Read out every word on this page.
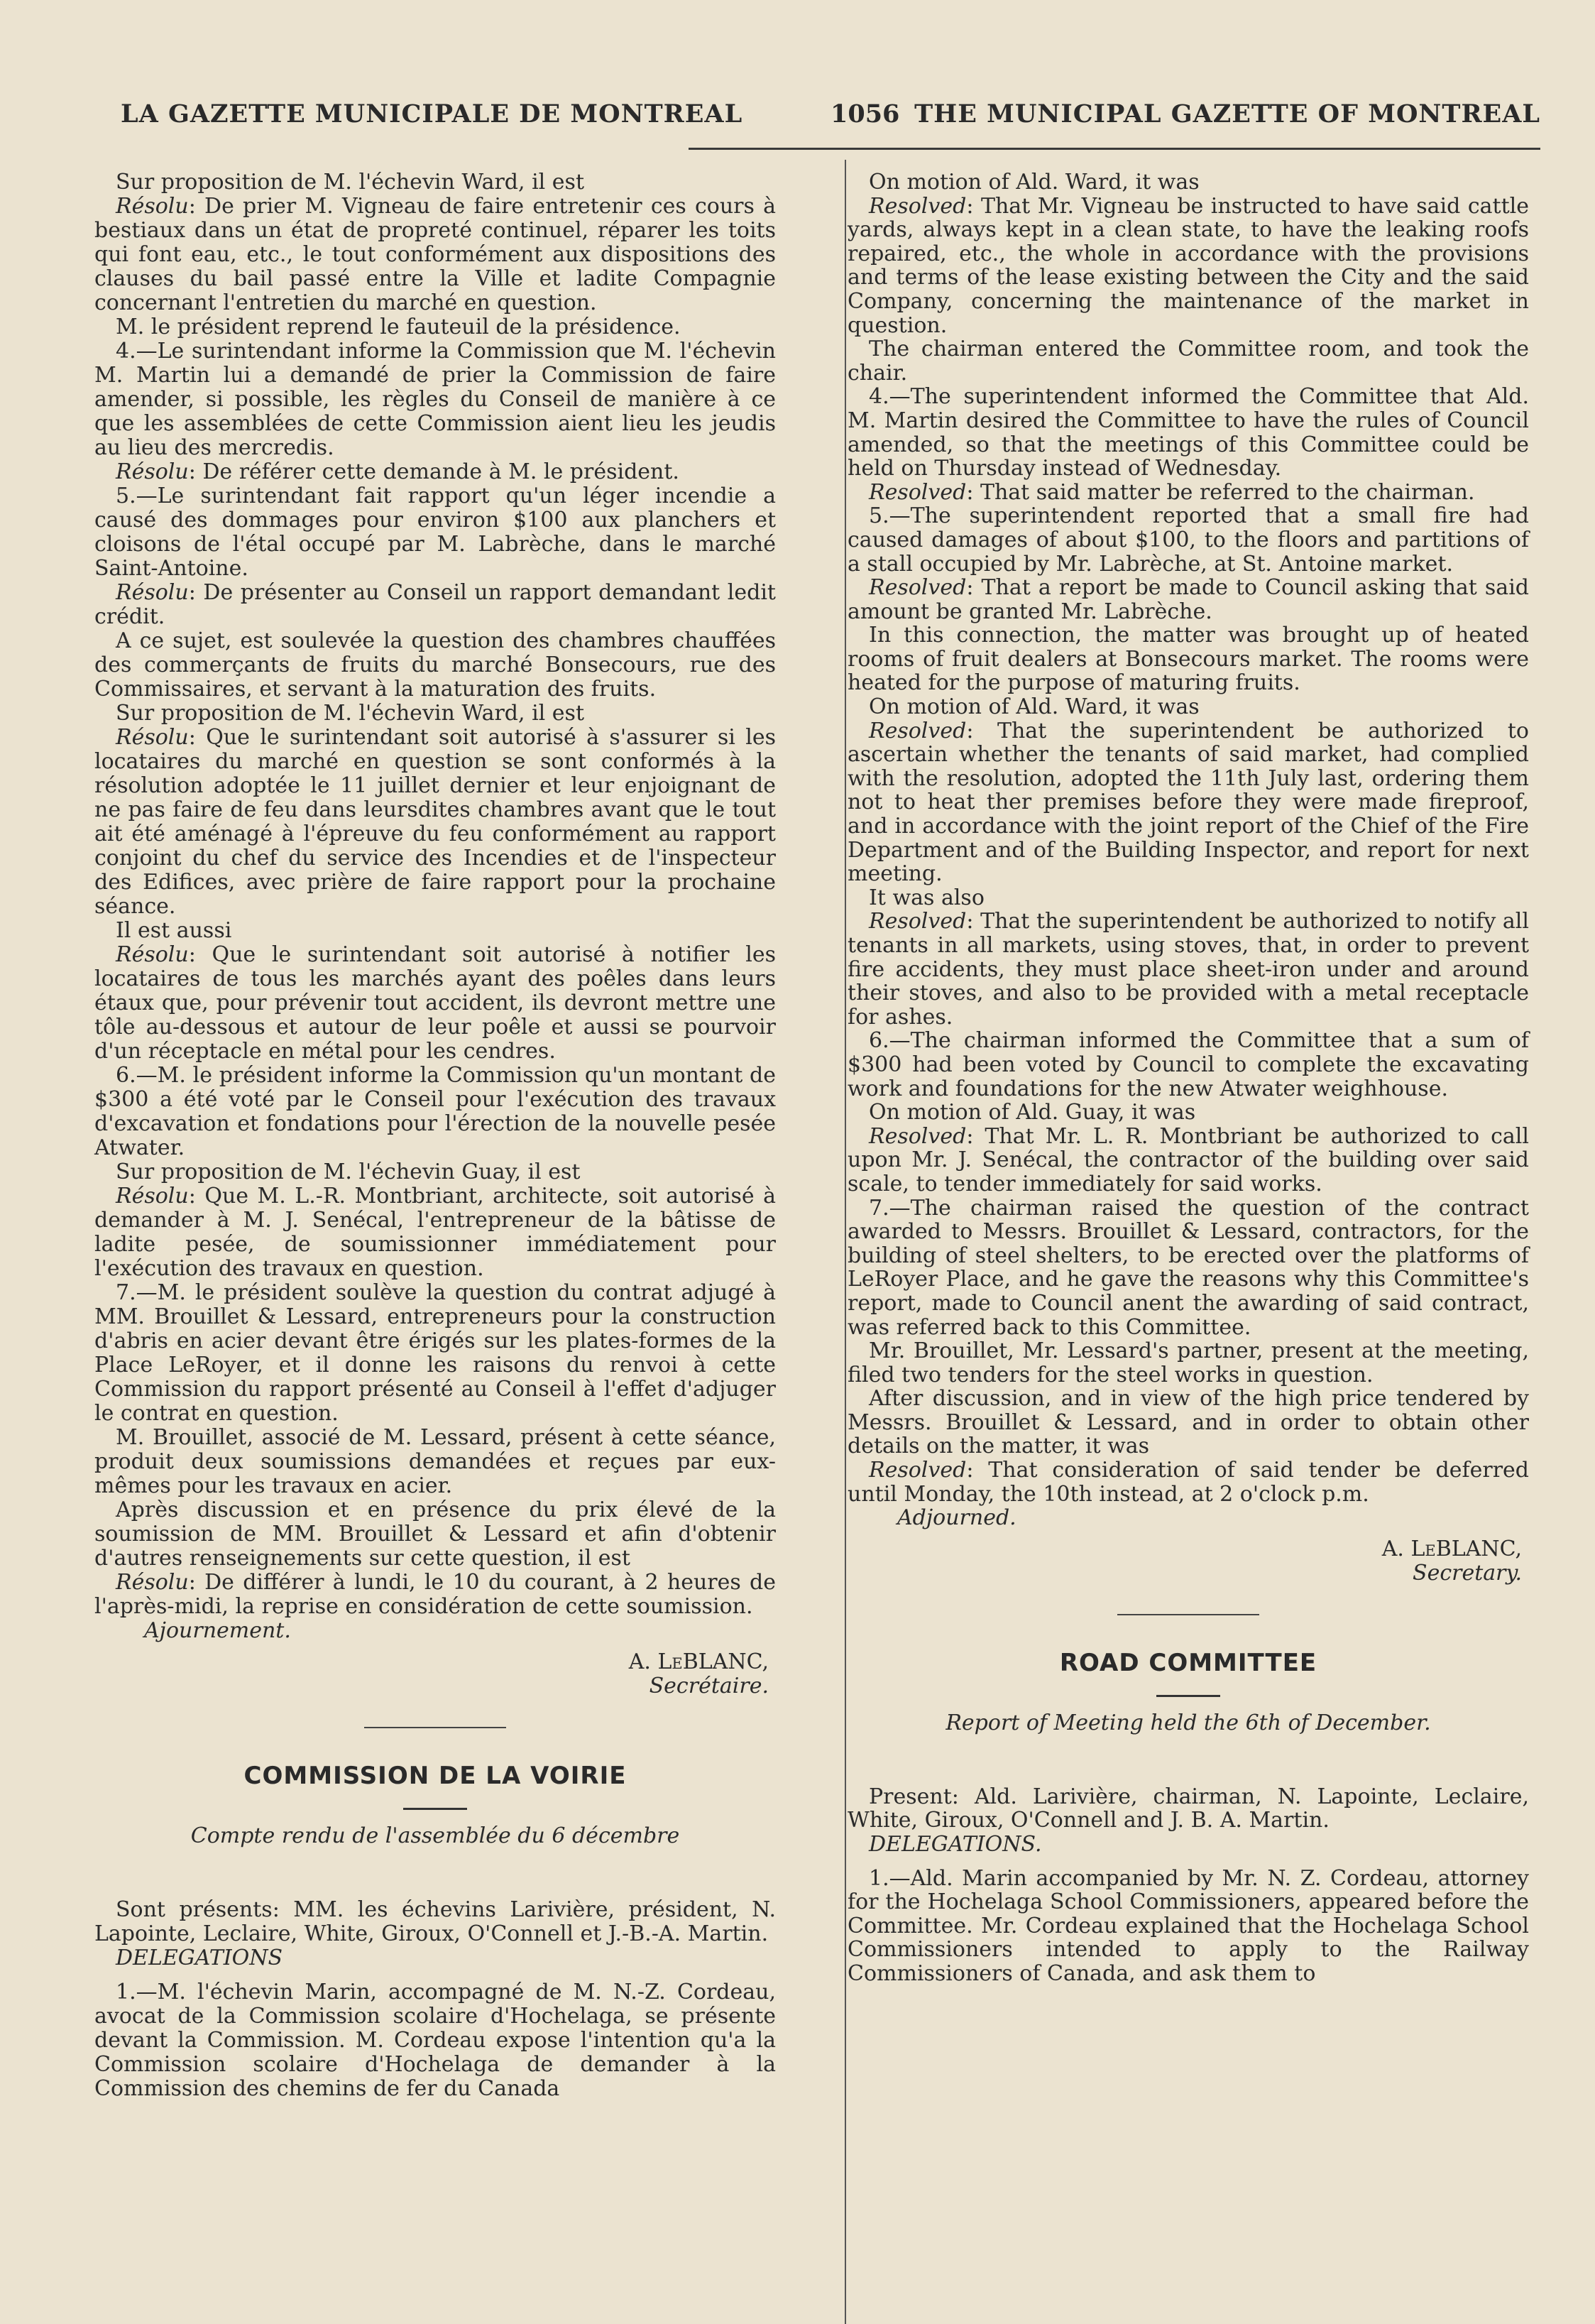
LA GAZETTE MUNICIPALE DE MONTREAL	1056 THE MUNICIPAL GAZETTE OF MONTREAL

Sur proposition de M. l'échevin Ward, il est

Résolu: De prier M. Vigneau de faire entretenir ces cours à bestiaux dans un état de propreté continuel, réparer les toits qui font eau, etc., le tout conformément aux dispositions des clauses du bail passé entre la Ville et ladite Compagnie concernant l'entretien du marché en question.

M. le président reprend le fauteuil de la présidence.

4.—Le surintendant informe la Commission que M. l'échevin M. Martin lui a demandé de prier la Commission de faire amender, si possible, les règles du Conseil de manière à ce que les assemblées de cette Commission aient lieu les jeudis au lieu des mercredis.

Résolu: De référer cette demande à M. le président.

5.—Le surintendant fait rapport qu'un léger incendie a causé des dommages pour environ $100 aux planchers et cloisons de l'étal occupé par M. Labrèche, dans le marché Saint-Antoine.

Résolu: De présenter au Conseil un rapport demandant ledit crédit.

A ce sujet, est soulevée la question des chambres chauffées des commerçants de fruits du marché Bonsecours, rue des Commissaires, et servant à la maturation des fruits.

Sur proposition de M. l'échevin Ward, il est

Résolu: Que le surintendant soit autorisé à s'assurer si les locataires du marché en question se sont conformés à la résolution adoptée le 11 juillet dernier et leur enjoignant de ne pas faire de feu dans leursdites chambres avant que le tout ait été aménagé à l'épreuve du feu conformément au rapport conjoint du chef du service des Incendies et de l'inspecteur des Edifices, avec prière de faire rapport pour la prochaine séance.

Il est aussi

Résolu: Que le surintendant soit autorisé à notifier les locataires de tous les marchés ayant des poêles dans leurs étaux que, pour prévenir tout accident, ils devront mettre une tôle au-dessous et autour de leur poêle et aussi se pourvoir d'un réceptacle en métal pour les cendres.

6.—M. le président informe la Commission qu'un montant de $300 a été voté par le Conseil pour l'exécution des travaux d'excavation et fondations pour l'érection de la nouvelle pesée Atwater.

Sur proposition de M. l'échevin Guay, il est

Résolu: Que M. L.-R. Montbriant, architecte, soit autorisé à demander à M. J. Senécal, l'entrepreneur de la bâtisse de ladite pesée, de soumissionner immédiatement pour l'exécution des travaux en question.

7.—M. le président soulève la question du contrat adjugé à MM. Brouillet & Lessard, entrepreneurs pour la construction d'abris en acier devant être érigés sur les plates-formes de la Place LeRoyer, et il donne les raisons du renvoi à cette Commission du rapport présenté au Conseil à l'effet d'adjuger le contrat en question.

M. Brouillet, associé de M. Lessard, présent à cette séance, produit deux soumissions demandées et reçues par eux-mêmes pour les travaux en acier.

Après discussion et en présence du prix élevé de la soumission de MM. Brouillet & Lessard et afin d'obtenir d'autres renseignements sur cette question, il est

Résolu: De différer à lundi, le 10 du courant, à 2 heures de l'après-midi, la reprise en considération de cette soumission.

Ajournement.

A. LeBLANC,
Secrétaire.
COMMISSION DE LA VOIRIE
Compte rendu de l'assemblée du 6 décembre

Sont présents: MM. les échevins Larivière, président, N. Lapointe, Leclaire, White, Giroux, O'Connell et J.-B.-A. Martin.

DELEGATIONS

1.—M. l'échevin Marin, accompagné de M. N.-Z. Cordeau, avocat de la Commission scolaire d'Hochelaga, se présente devant la Commission. M. Cordeau expose l'intention qu'a la Commission scolaire d'Hochelaga de demander à la Commission des chemins de fer du Canada

On motion of Ald. Ward, it was

Resolved: That Mr. Vigneau be instructed to have said cattle yards, always kept in a clean state, to have the leaking roofs repaired, etc., the whole in accordance with the provisions and terms of the lease existing between the City and the said Company, concerning the maintenance of the market in question.

The chairman entered the Committee room, and took the chair.

4.—The superintendent informed the Committee that Ald. M. Martin desired the Committee to have the rules of Council amended, so that the meetings of this Committee could be held on Thursday instead of Wednesday.

Resolved: That said matter be referred to the chairman.

5.—The superintendent reported that a small fire had caused damages of about $100, to the floors and partitions of a stall occupied by Mr. Labrèche, at St. Antoine market.

Resolved: That a report be made to Council asking that said amount be granted Mr. Labrèche.

In this connection, the matter was brought up of heated rooms of fruit dealers at Bonsecours market. The rooms were heated for the purpose of maturing fruits.

On motion of Ald. Ward, it was

Resolved: That the superintendent be authorized to ascertain whether the tenants of said market, had complied with the resolution, adopted the 11th July last, ordering them not to heat ther premises before they were made fireproof, and in accordance with the joint report of the Chief of the Fire Department and of the Building Inspector, and report for next meeting.

It was also

Resolved: That the superintendent be authorized to notify all tenants in all markets, using stoves, that, in order to prevent fire accidents, they must place sheet-iron under and around their stoves, and also to be provided with a metal receptacle for ashes.

6.—The chairman informed the Committee that a sum of $300 had been voted by Council to complete the excavating work and foundations for the new Atwater weighhouse.

On motion of Ald. Guay, it was

Resolved: That Mr. L. R. Montbriant be authorized to call upon Mr. J. Senécal, the contractor of the building over said scale, to tender immediately for said works.

7.—The chairman raised the question of the contract awarded to Messrs. Brouillet & Lessard, contractors, for the building of steel shelters, to be erected over the platforms of LeRoyer Place, and he gave the reasons why this Committee's report, made to Council anent the awarding of said contract, was referred back to this Committee.

Mr. Brouillet, Mr. Lessard's partner, present at the meeting, filed two tenders for the steel works in question.

After discussion, and in view of the high price tendered by Messrs. Brouillet & Lessard, and in order to obtain other details on the matter, it was

Resolved: That consideration of said tender be deferred until Monday, the 10th instead, at 2 o'clock p.m.

Adjourned.

A. LeBLANC,
Secretary.
ROAD COMMITTEE
Report of Meeting held the 6th of December.

Present: Ald. Larivière, chairman, N. Lapointe, Leclaire, White, Giroux, O'Connell and J. B. A. Martin.

DELEGATIONS.

1.—Ald. Marin accompanied by Mr. N. Z. Cordeau, attorney for the Hochelaga School Commissioners, appeared before the Committee. Mr. Cordeau explained that the Hochelaga School Commissioners intended to apply to the Railway Commissioners of Canada, and ask them to
